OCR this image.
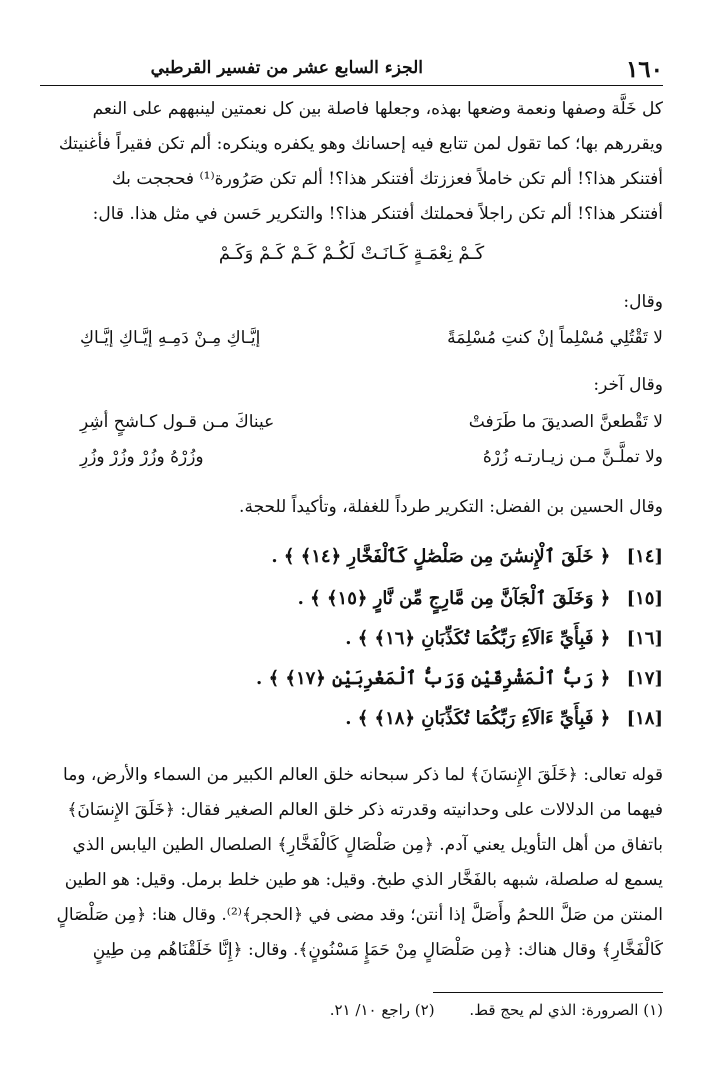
١٦٠
الجزء السابع عشر من تفسير القرطبي
كل خَلَّة وصفها ونعمة وضعها بهذه، وجعلها فاصلة بين كل نعمتين لينبههم على النعم
ويقررهم بها؛ كما تقول لمن تتابع فيه إحسانك وهو يكفره وينكره: ألم تكن فقيراً فأغنيتك
أفتنكر هذا؟! ألم تكن خاملاً فعززتك أفتنكر هذا؟! ألم تكن صَرُورة⁽¹⁾ فحججت بك
أفتنكر هذا؟! ألم تكن راجلاً فحملتك أفتنكر هذا؟! والتكرير حَسن في مثل هذا. قال:
كَـمْ نِعْمَـةٍ كَـانَـتْ لَكُـمْ كَـمْ كَـمْ وَكَـمْ
وقال:
لا تَقْتُلِي مُسْلِماً إنْ كنتِ مُسْلِمَةً
إيَّـاكِ مِـنْ دَمِـهِ إيَّـاكِ إيَّـاكِ
وقال آخر:
لا تَقْطعنَّ الصديقَ ما طَرَفتْ
عيناكَ مـن قـول كـاشحٍ أشِرِ
ولا تملَّـنَّ مـن زيـارتـه زُرْهُ
وزُرْهُ وزُرْ وزُرْ وزُرِ
وقال الحسين بن الفضل: التكرير طرداً للغفلة، وتأكيداً للحجة.
[١٤] ﴿ خَلَقَ ٱلْإِنسَٰنَ مِن صَلْصَٰلٍ كَٱلْفَخَّارِ ﴿١٤﴾ ﴾ .
[١٥] ﴿ وَخَلَقَ ٱلْجَآنَّ مِن مَّارِجٍ مِّن نَّارٍ ﴿١٥﴾ ﴾ .
[١٦] ﴿ فَبِأَيِّ ءَالَآءِ رَبِّكُمَا تُكَذِّبَانِ ﴿١٦﴾ ﴾ .
[١٧] ﴿ رَبُّ ٱلْمَشْرِقَيْنِ وَرَبُّ ٱلْمَغْرِبَيْنِ ﴿١٧﴾ ﴾ .
[١٨] ﴿ فَبِأَيِّ ءَالَآءِ رَبِّكُمَا تُكَذِّبَانِ ﴿١٨﴾ ﴾ .
قوله تعالى: ﴿خَلَقَ الإِنسَانَ﴾ لما ذكر سبحانه خلق العالم الكبير من السماء والأرض، وما
فيهما من الدلالات على وحدانيته وقدرته ذكر خلق العالم الصغير فقال: ﴿خَلَقَ الإِنسَانَ﴾
باتفاق من أهل التأويل يعني آدم. ﴿مِن صَلْصَالٍ كَالْفَخَّارِ﴾ الصلصال الطين اليابس الذي
يسمع له صلصلة، شبهه بالفَخَّار الذي طبخ. وقيل: هو طين خلط برمل. وقيل: هو الطين
المنتن من صَلَّ اللحمُ وأَصَلَّ إذا أنتن؛ وقد مضى في ﴿الحجر﴾⁽²⁾. وقال هنا: ﴿مِن صَلْصَالٍ
كَالْفَخَّارِ﴾ وقال هناك: ﴿مِن صَلْصَالٍ مِنْ حَمَإٍ مَسْنُونٍ﴾. وقال: ﴿إِنَّا خَلَقْنَاهُم مِن طِينٍ
(١) الصرورة: الذي لم يحج قط. (٢) راجع ١٠/ ٢١.
